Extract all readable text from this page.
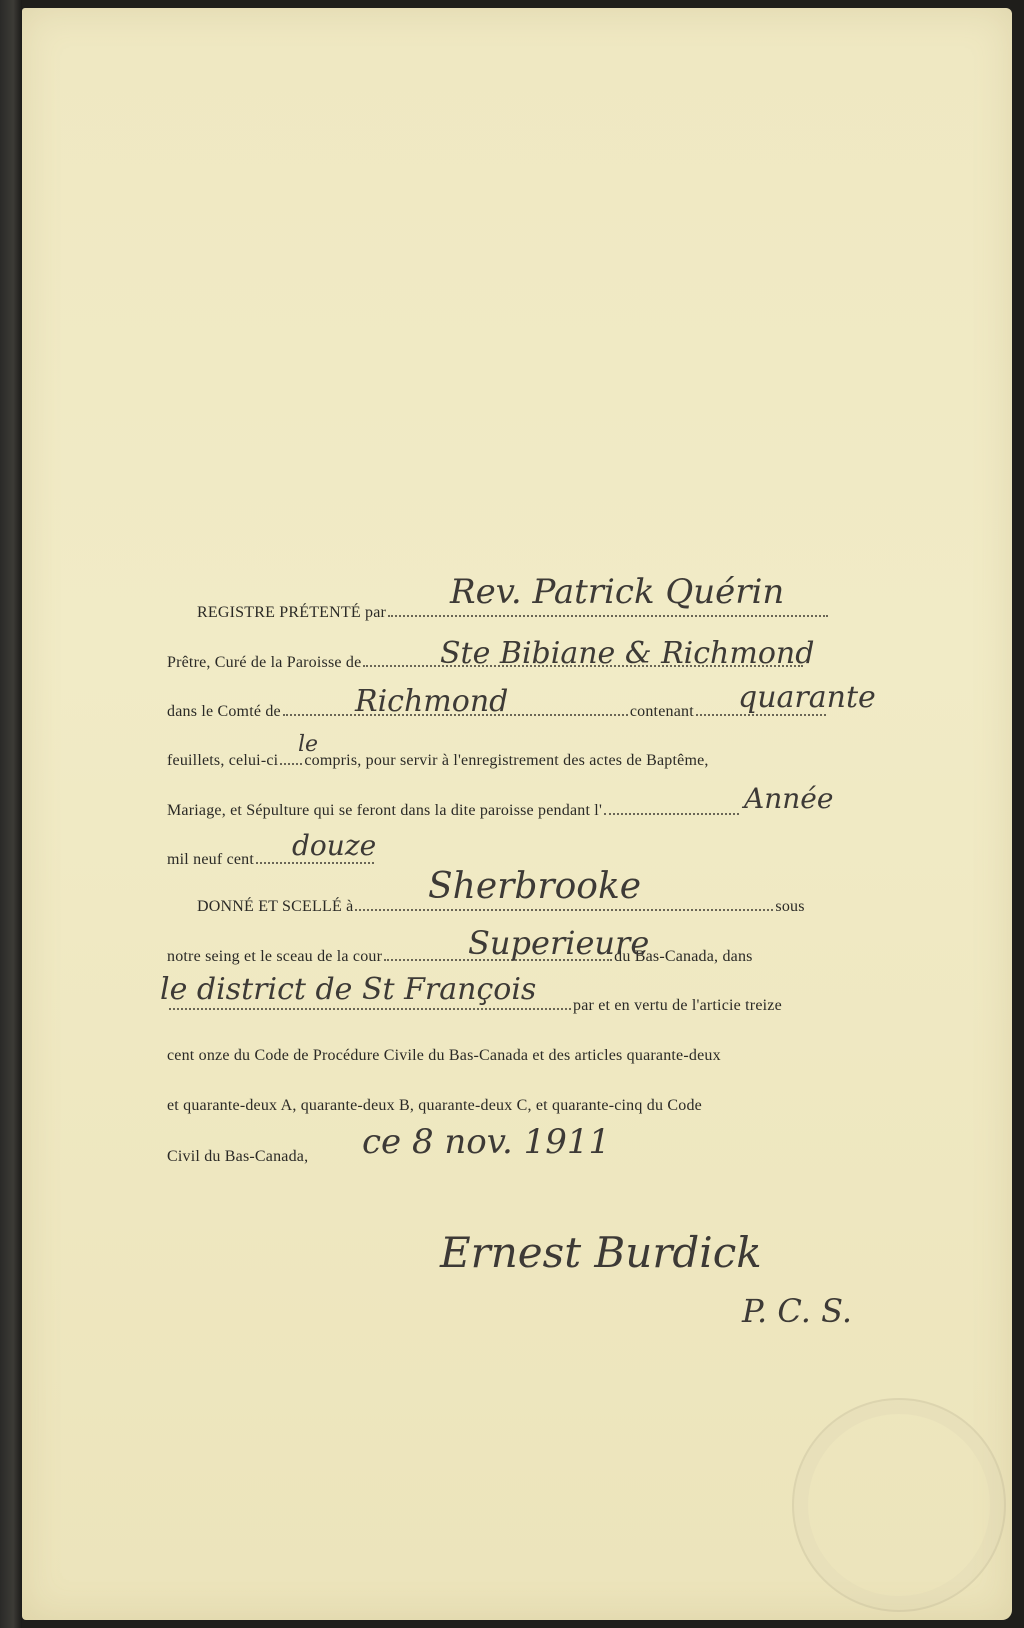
REGISTRE PRÉTENTÉ par
Rev. Patrick Quérin
Prêtre, Curé de la Paroisse de	Ste Bibiane & Richmond
dans le Comté de	contenant
Richmond	quarante
feuillets, celui-ci compris, pour servir à l'enregistrement des actes de Baptême,
le
Mariage, et Sépulture qui se feront dans la dite paroisse pendant l'	Année
mil neuf cent	douze
DONNÉ ET SCELLÉ à	sous
Sherbrooke
notre seing et le sceau de la cour	du Bas-Canada, dans
Superieure
par et en vertu de l'articie treize
le district de St François
cent onze du Code de Procédure Civile du Bas-Canada et des articles quarante-deux
et quarante-deux A, quarante-deux B, quarante-deux C, et quarante-cinq du Code
Civil du Bas-Canada, ce 8 nov. 1911
Ernest Burdick
P. C. S.
